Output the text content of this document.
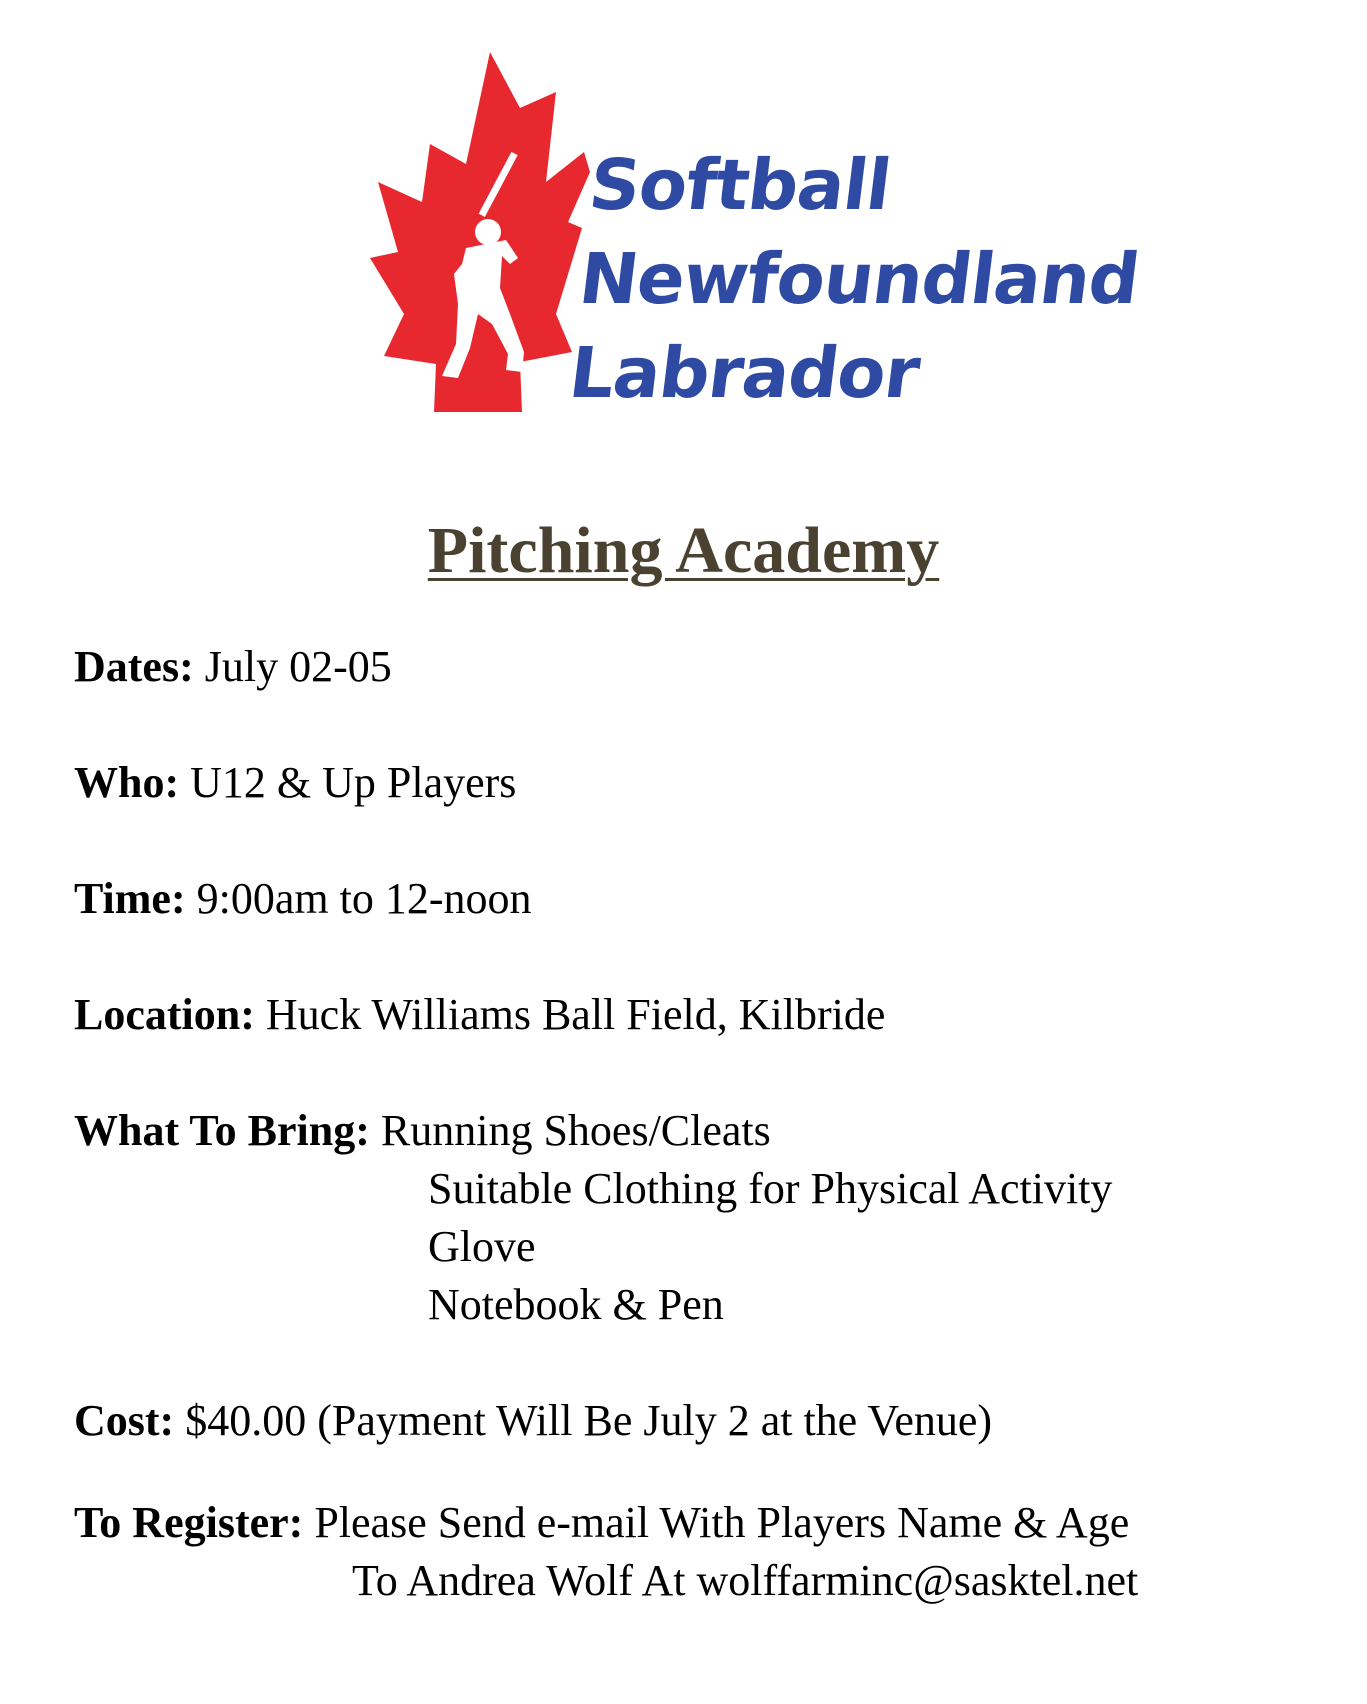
Softball
Newfoundland
Labrador
Pitching Academy
Dates: July 02-05
Who: U12 & Up Players
Time: 9:00am to 12-noon
Location: Huck Williams Ball Field, Kilbride
What To Bring: Running Shoes/Cleats
Suitable Clothing for Physical Activity
Glove
Notebook & Pen
Cost: $40.00 (Payment Will Be July 2 at the Venue)
To Register: Please Send e-mail With Players Name & Age
To Andrea Wolf At wolffarminc@sasktel.net
